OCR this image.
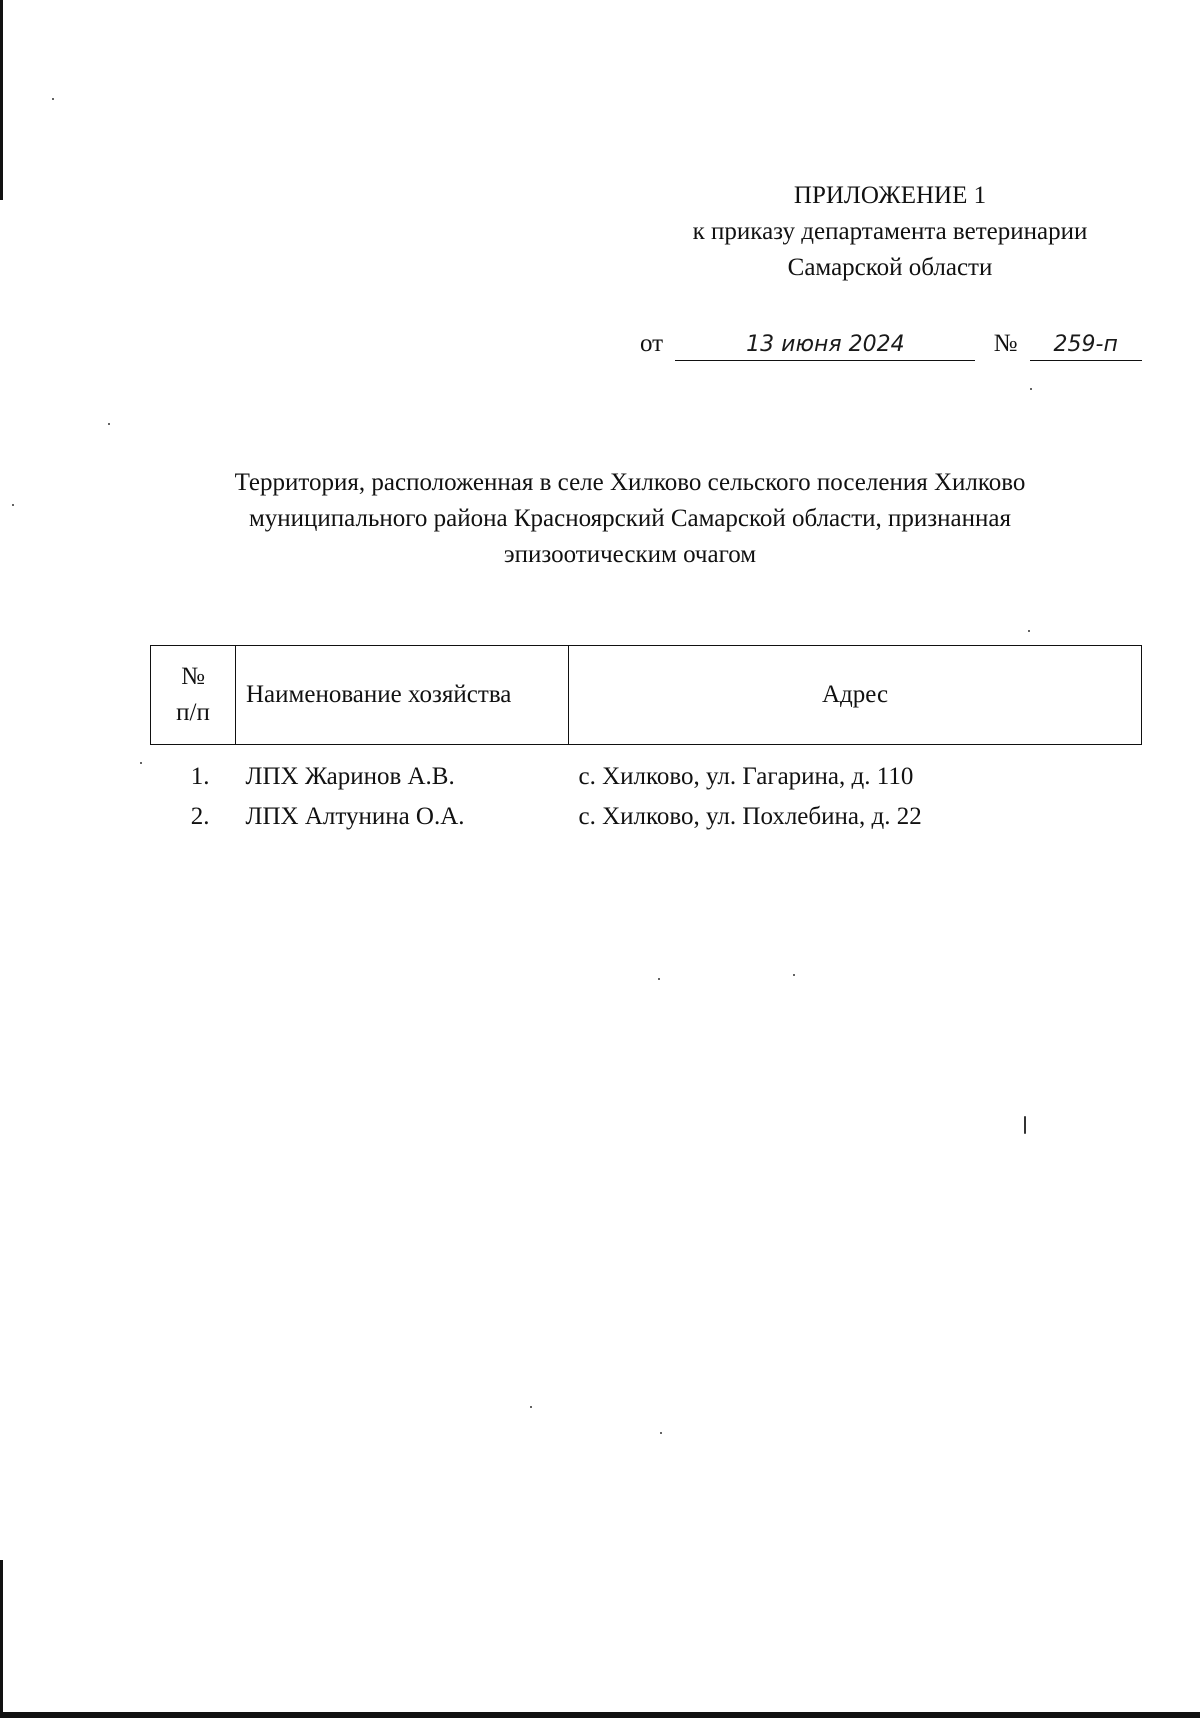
ПРИЛОЖЕНИЕ 1
к приказу департамента ветеринарии
Самарской области
от	13 июня 2024	№ 259-п
Территория, расположенная в селе Хилково сельского поселения Хилково
муниципального района Красноярский Самарской области, признанная
эпизоотическим очагом
№
п/п	Наименование хозяйства	Адрес
1.	ЛПХ Жаринов А.В.	с. Хилково, ул. Гагарина, д. 110
2.	ЛПХ Алтунина О.А.	с. Хилково, ул. Похлебина, д. 22
